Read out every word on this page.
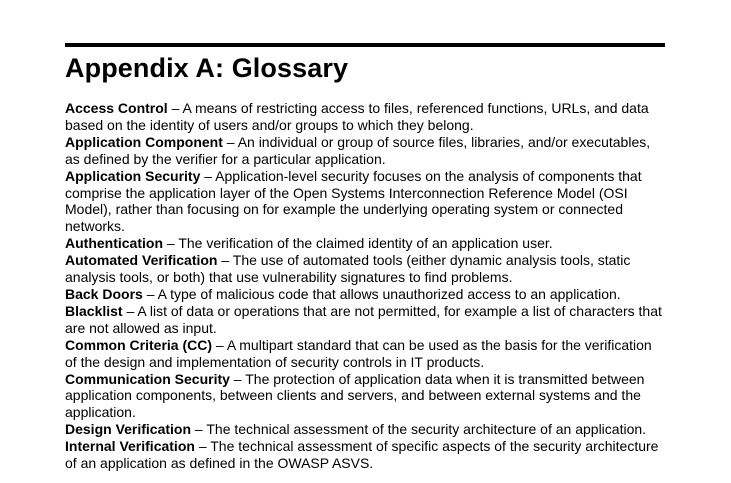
Appendix A: Glossary

Access Control – A means of restricting access to files, referenced functions, URLs, and data based on the identity of users and/or groups to which they belong.

Application Component – An individual or group of source files, libraries, and/or executables, as defined by the verifier for a particular application.

Application Security – Application-level security focuses on the analysis of components that comprise the application layer of the Open Systems Interconnection Reference Model (OSI Model), rather than focusing on for example the underlying operating system or connected networks.

Authentication – The verification of the claimed identity of an application user.

Automated Verification – The use of automated tools (either dynamic analysis tools, static analysis tools, or both) that use vulnerability signatures to find problems.

Back Doors – A type of malicious code that allows unauthorized access to an application.

Blacklist – A list of data or operations that are not permitted, for example a list of characters that are not allowed as input.

Common Criteria (CC) – A multipart standard that can be used as the basis for the verification of the design and implementation of security controls in IT products.

Communication Security – The protection of application data when it is transmitted between application components, between clients and servers, and between external systems and the application.

Design Verification – The technical assessment of the security architecture of an application.

Internal Verification – The technical assessment of specific aspects of the security architecture of an application as defined in the OWASP ASVS.
